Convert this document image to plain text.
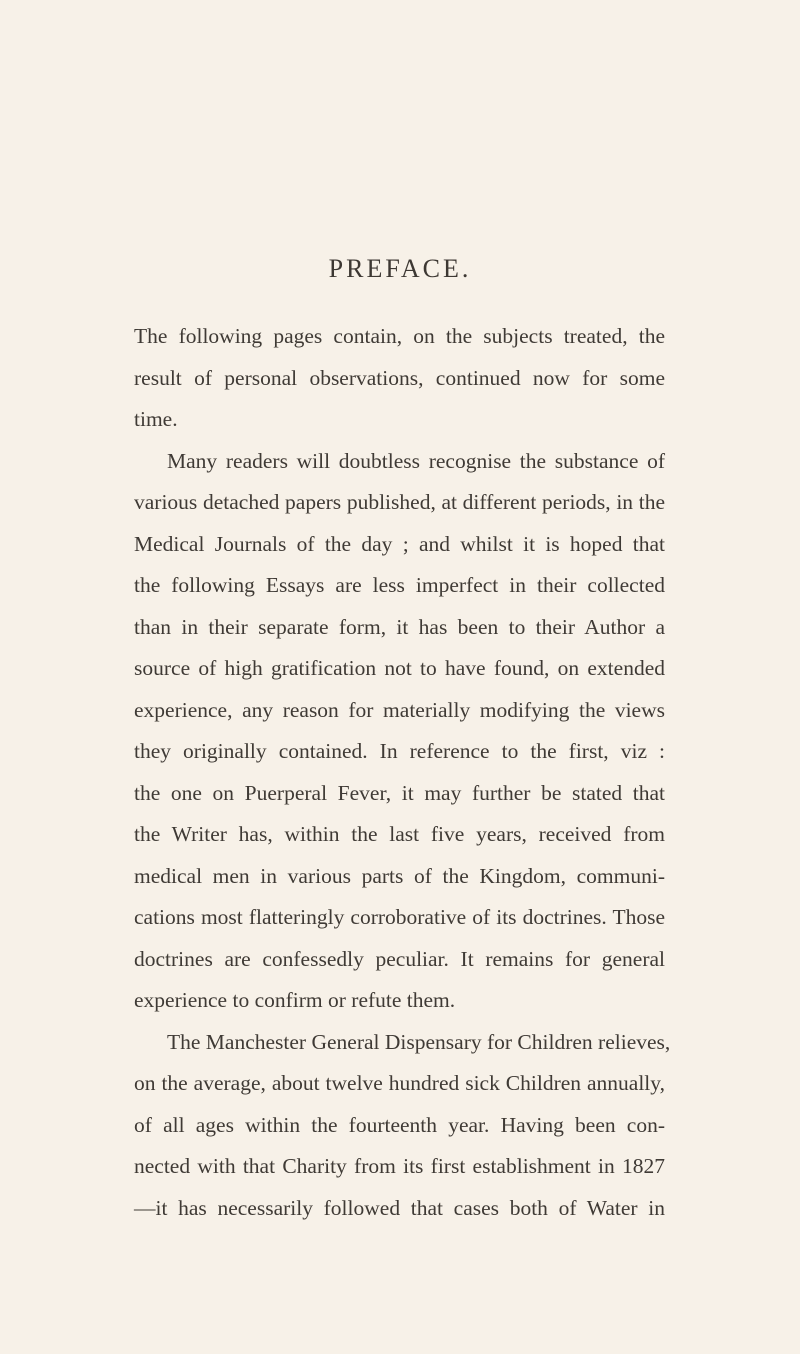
PREFACE.
The following pages contain, on the subjects treated, the
result of personal observations, continued now for some
time.
Many readers will doubtless recognise the substance of
various detached papers published, at different periods, in the
Medical Journals of the day ; and whilst it is hoped that
the following Essays are less imperfect in their collected
than in their separate form, it has been to their Author a
source of high gratification not to have found, on extended
experience, any reason for materially modifying the views
they originally contained. In reference to the first, viz :
the one on Puerperal Fever, it may further be stated that
the Writer has, within the last five years, received from
medical men in various parts of the Kingdom, communi-
cations most flatteringly corroborative of its doctrines. Those
doctrines are confessedly peculiar. It remains for general
experience to confirm or refute them.
The Manchester General Dispensary for Children relieves,
on the average, about twelve hundred sick Children annually,
of all ages within the fourteenth year. Having been con-
nected with that Charity from its first establishment in 1827
—it has necessarily followed that cases both of Water in
